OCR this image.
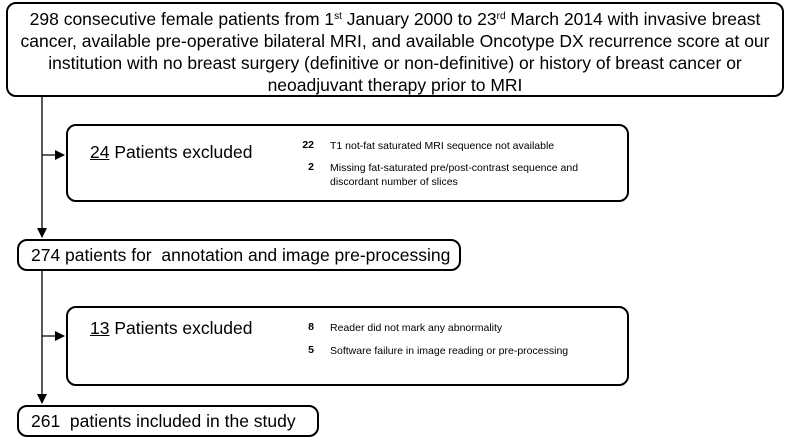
298 consecutive female patients from 1st January 2000 to 23rd March 2014 with invasive breast cancer, available pre-operative bilateral MRI, and available Oncotype DX recurrence score at our institution with no breast surgery (definitive or non-definitive) or history of breast cancer or neoadjuvant therapy prior to MRI
24 Patients excluded	22 T1 not-fat saturated MRI sequence not available
2 Missing fat-saturated pre/post-contrast sequence and discordant number of slices
274 patients for  annotation and image pre-processing
13 Patients excluded	8 Reader did not mark any abnormality
5 Software failure in image reading or pre-processing
261  patients included in the study
